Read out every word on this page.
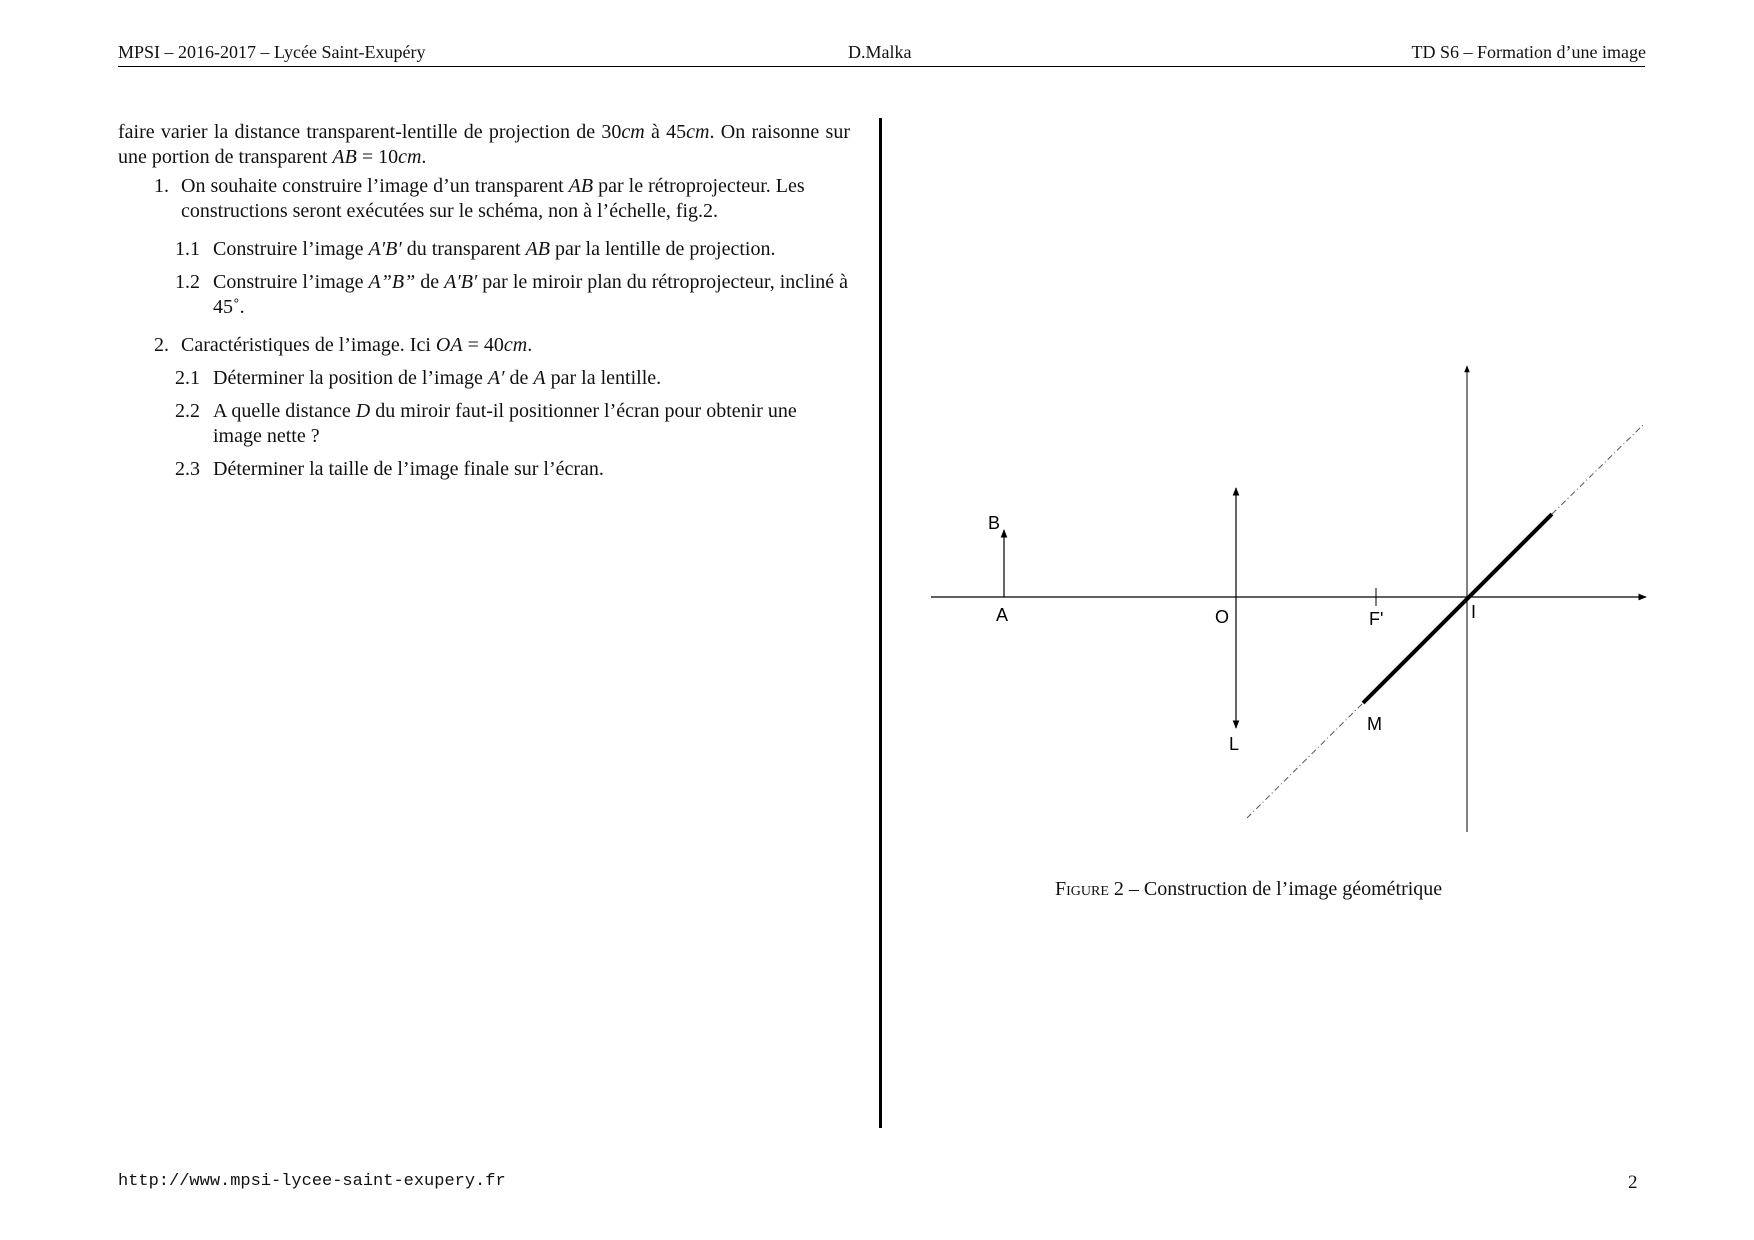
MPSI – 2016-2017 – Lycée Saint-Exupéry	D.Malka	TD S6 – Formation d’une image
faire varier la distance transparent-lentille de projection de 30cm à 45cm. On raisonne sur une portion de transparent AB = 10cm.
1. On souhaite construire l’image d’un transparent AB par le rétroprojecteur. Les constructions seront exécutées sur le schéma, non à l’échelle, fig.2.
1.1 Construire l’image A′B′ du transparent AB par la lentille de projection.
1.2 Construire l’image A”B” de A′B′ par le miroir plan du rétroprojecteur, incliné à 45˚.
2. Caractéristiques de l’image. Ici OA = 40cm.
2.1 Déterminer la position de l’image A′ de A par la lentille.
2.2 A quelle distance D du miroir faut-il positionner l’écran pour obtenir une image nette ?
2.3 Déterminer la taille de l’image finale sur l’écran.
B
A	O	F'	I
L
M
Figure 2 – Construction de l’image géométrique
http://www.mpsi-lycee-saint-exupery.fr	2
